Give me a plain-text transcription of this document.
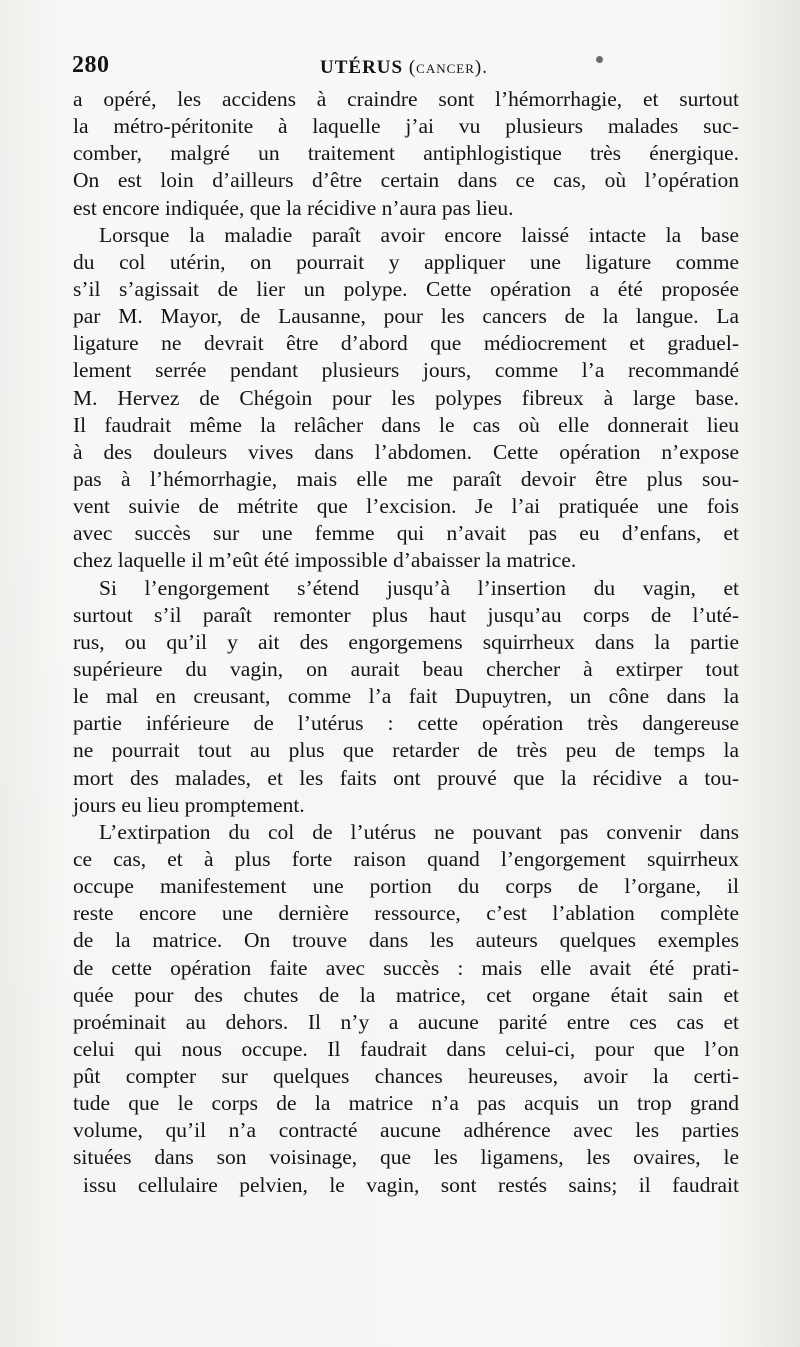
280	UTÉRUS (cancer).
a opéré, les accidens à craindre sont l’hémorrhagie, et surtout
la métro-péritonite à laquelle j’ai vu plusieurs malades suc-
comber, malgré un traitement antiphlogistique très énergique.
On est loin d’ailleurs d’être certain dans ce cas, où l’opération
est encore indiquée, que la récidive n’aura pas lieu.
Lorsque la maladie paraît avoir encore laissé intacte la base
du col utérin, on pourrait y appliquer une ligature comme
s’il s’agissait de lier un polype. Cette opération a été proposée
par M. Mayor, de Lausanne, pour les cancers de la langue. La
ligature ne devrait être d’abord que médiocrement et graduel-
lement serrée pendant plusieurs jours, comme l’a recommandé
M. Hervez de Chégoin pour les polypes fibreux à large base.
Il faudrait même la relâcher dans le cas où elle donnerait lieu
à des douleurs vives dans l’abdomen. Cette opération n’expose
pas à l’hémorrhagie, mais elle me paraît devoir être plus sou-
vent suivie de métrite que l’excision. Je l’ai pratiquée une fois
avec succès sur une femme qui n’avait pas eu d’enfans, et
chez laquelle il m’eût été impossible d’abaisser la matrice.
Si l’engorgement s’étend jusqu’à l’insertion du vagin, et
surtout s’il paraît remonter plus haut jusqu’au corps de l’uté-
rus, ou qu’il y ait des engorgemens squirrheux dans la partie
supérieure du vagin, on aurait beau chercher à extirper tout
le mal en creusant, comme l’a fait Dupuytren, un cône dans la
partie inférieure de l’utérus : cette opération très dangereuse
ne pourrait tout au plus que retarder de très peu de temps la
mort des malades, et les faits ont prouvé que la récidive a tou-
jours eu lieu promptement.
L’extirpation du col de l’utérus ne pouvant pas convenir dans
ce cas, et à plus forte raison quand l’engorgement squirrheux
occupe manifestement une portion du corps de l’organe, il
reste encore une dernière ressource, c’est l’ablation complète
de la matrice. On trouve dans les auteurs quelques exemples
de cette opération faite avec succès : mais elle avait été prati-
quée pour des chutes de la matrice, cet organe était sain et
proéminait au dehors. Il n’y a aucune parité entre ces cas et
celui qui nous occupe. Il faudrait dans celui-ci, pour que l’on
pût compter sur quelques chances heureuses, avoir la certi-
tude que le corps de la matrice n’a pas acquis un trop grand
volume, qu’il n’a contracté aucune adhérence avec les parties
situées dans son voisinage, que les ligamens, les ovaires, le
issu cellulaire pelvien, le vagin, sont restés sains; il faudrait
